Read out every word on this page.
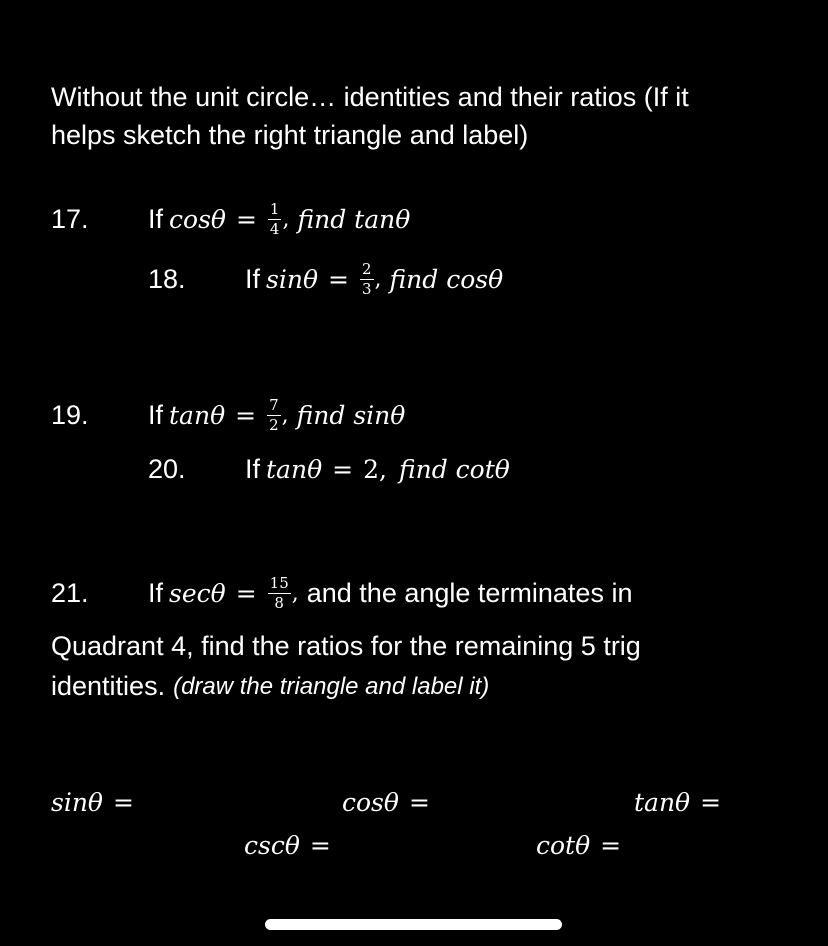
Without the unit circle… identities and their ratios (If it
helps sketch the right triangle and label)
17.	If $\cos\theta = \frac{1}{4}$ , find tanθ
18.	If $\sin\theta = \frac{2}{3}$ , find cosθ
19.	If $\tan\theta = \frac{7}{2}$ , find sinθ
20.	If tanθ = 2, find cotθ
21.	If $\sec\theta = \frac{15}{8}$ , and the angle terminates in
Quadrant 4, find the ratios for the remaining 5 trig
identities. (draw the triangle and label it)
sinθ =	cosθ =	tanθ =
cscθ =	cotθ =
